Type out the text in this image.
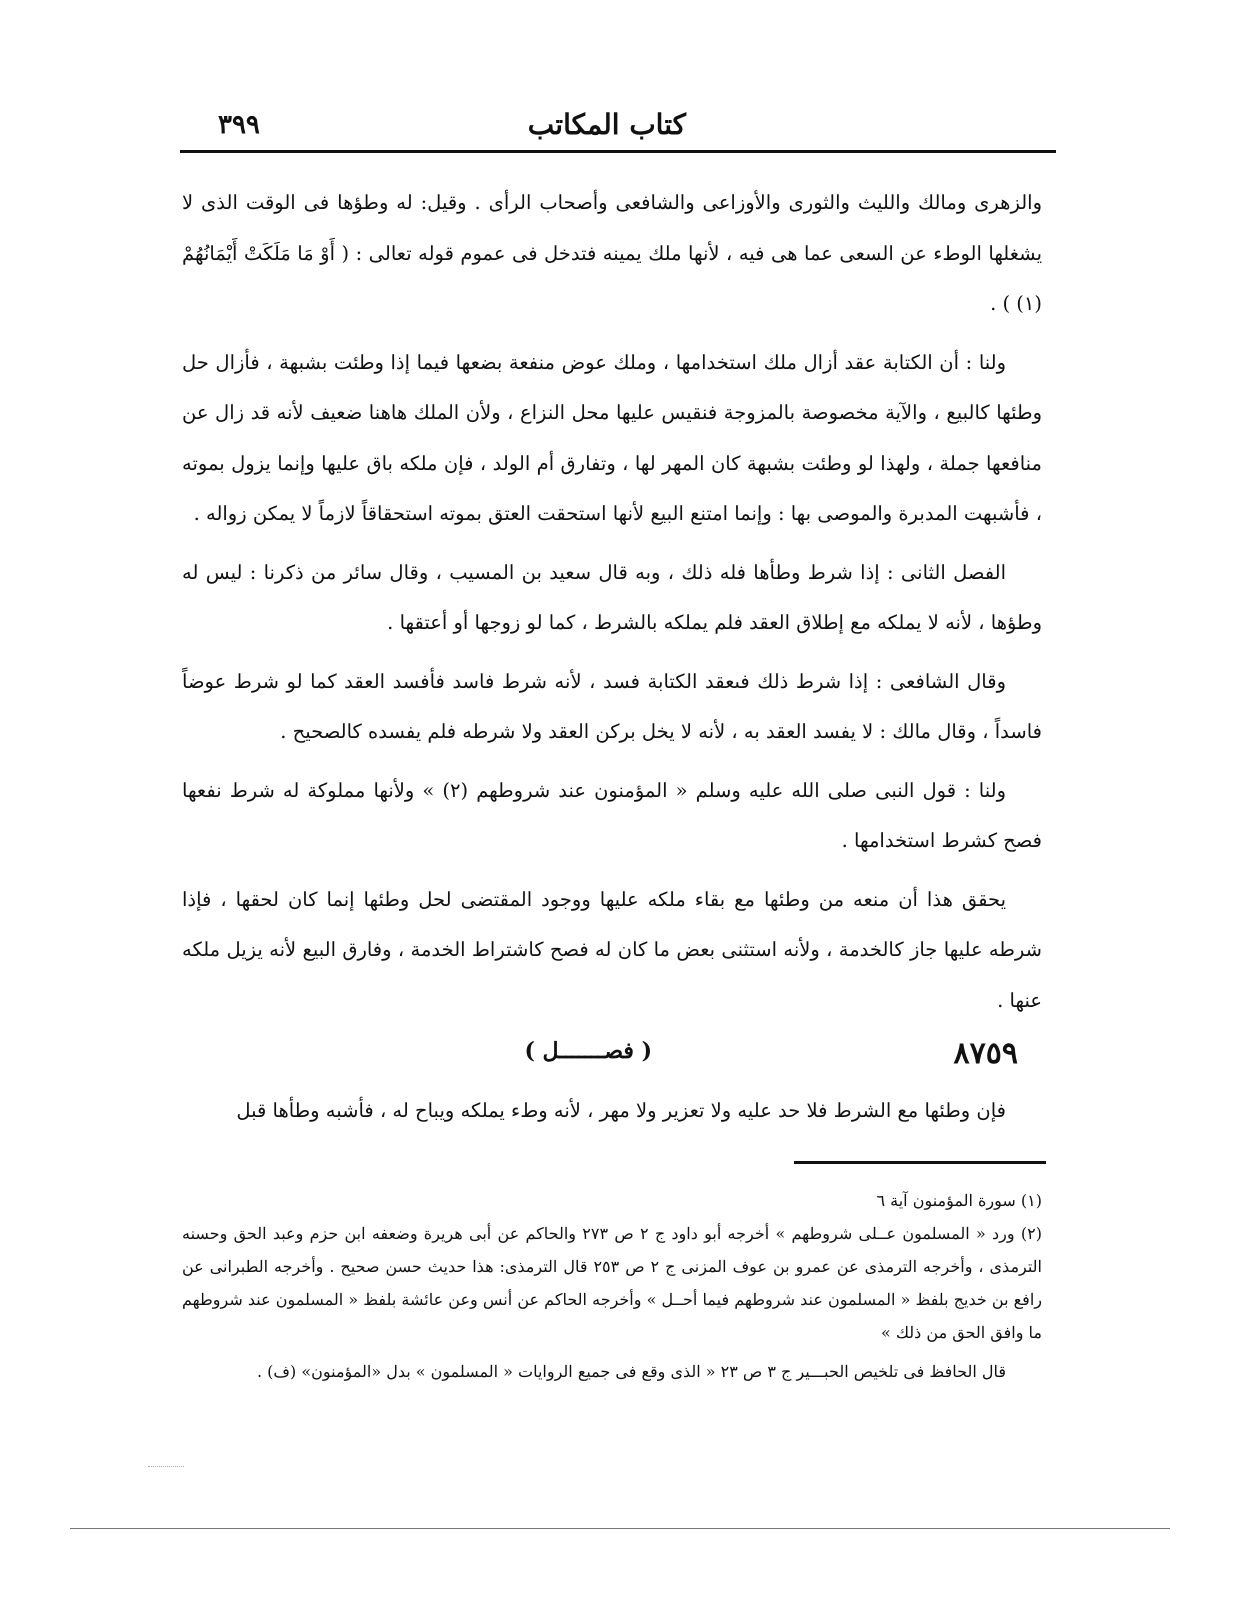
كتاب المكاتب
٣٩٩

والزهرى ومالك والليث والثورى والأوزاعى والشافعى وأصحاب الرأى . وقيل: له وطؤها فى الوقت الذى لا يشغلها الوطء عن السعى عما هى فيه ، لأنها ملك يمينه فتدخل فى عموم قوله تعالى : ( أَوْ مَا مَلَكَتْ أَيْمَانُهُمْ (١) ) .

ولنا : أن الكتابة عقد أزال ملك استخدامها ، وملك عوض منفعة بضعها فيما إذا وطئت بشبهة ، فأزال حل وطئها كالبيع ، والآية مخصوصة بالمزوجة فنقيس عليها محل النزاع ، ولأن الملك هاهنا ضعيف لأنه قد زال عن منافعها جملة ، ولهذا لو وطئت بشبهة كان المهر لها ، وتفارق أم الولد ، فإن ملكه باق عليها وإنما يزول بموته ، فأشبهت المدبرة والموصى بها : وإنما امتنع البيع لأنها استحقت العتق بموته استحقاقاً لازماً لا يمكن زواله .

الفصل الثانى : إذا شرط وطأها فله ذلك ، وبه قال سعيد بن المسيب ، وقال سائر من ذكرنا : ليس له وطؤها ، لأنه لا يملكه مع إطلاق العقد فلم يملكه بالشرط ، كما لو زوجها أو أعتقها .

وقال الشافعى : إذا شرط ذلك فىعقد الكتابة فسد ، لأنه شرط فاسد فأفسد العقد كما لو شرط عوضاً فاسداً ، وقال مالك : لا يفسد العقد به ، لأنه لا يخل بركن العقد ولا شرطه فلم يفسده كالصحيح .

ولنا : قول النبى صلى الله عليه وسلم « المؤمنون عند شروطهم (٢) » ولأنها مملوكة له شرط نفعها فصح كشرط استخدامها .

يحقق هذا أن منعه من وطئها مع بقاء ملكه عليها ووجود المقتضى لحل وطئها إنما كان لحقها ، فإذا شرطه عليها جاز كالخدمة ، ولأنه استثنى بعض ما كان له فصح كاشتراط الخدمة ، وفارق البيع لأنه يزيل ملكه عنها .

٨٧٥٩
( فصـــــــل )
فإن وطئها مع الشرط فلا حد عليه ولا تعزير ولا مهر ، لأنه وطء يملكه ويباح له ، فأشبه وطأها قبل

(١) سورة المؤمنون آية ٦

(٢) ورد « المسلمون عــلى شروطهم » أخرجه أبو داود ج ٢ ص ٢٧٣ والحاكم عن أبى هريرة وضعفه ابن حزم وعبد الحق وحسنه الترمذى ، وأخرجه الترمذى عن عمرو بن عوف المزنى ج ٢ ص ٢٥٣ قال الترمذى: هذا حديث حسن صحيح . وأخرجه الطبرانى عن رافع بن خديج بلفظ « المسلمون عند شروطهم فيما أحــل » وأخرجه الحاكم عن أنس وعن عائشة بلفظ « المسلمون عند شروطهم ما وافق الحق من ذلك »

قال الحافظ فى تلخيص الحبـــير ج ٣ ص ٢٣ « الذى وقع فى جميع الروايات « المسلمون » بدل «المؤمنون» (ف) .
